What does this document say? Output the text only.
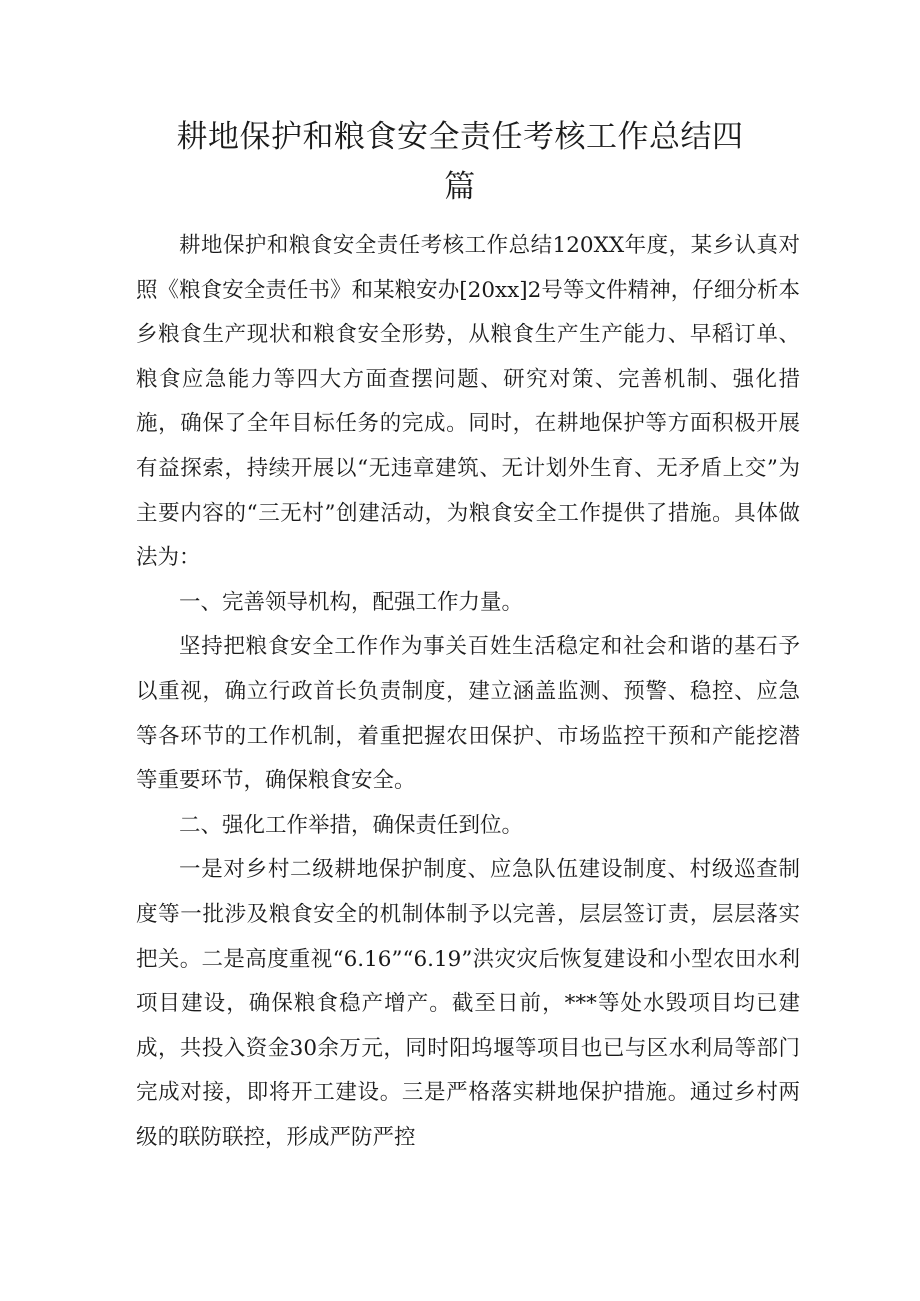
耕地保护和粮食安全责任考核工作总结四
篇

耕地保护和粮食安全责任考核工作总结120XX年度，某乡认真对照《粮食安全责任书》和某粮安办[20xx]2号等文件精神，仔细分析本乡粮食生产现状和粮食安全形势，从粮食生产生产能力、早稻订单、粮食应急能力等四大方面查摆问题、研究对策、完善机制、强化措施，确保了全年目标任务的完成。同时，在耕地保护等方面积极开展有益探索，持续开展以“无违章建筑、无计划外生育、无矛盾上交”为主要内容的“三无村”创建活动，为粮食安全工作提供了措施。具体做法为：

一、完善领导机构，配强工作力量。

坚持把粮食安全工作作为事关百姓生活稳定和社会和谐的基石予以重视，确立行政首长负责制度，建立涵盖监测、预警、稳控、应急等各环节的工作机制，着重把握农田保护、市场监控干预和产能挖潜等重要环节，确保粮食安全。

二、强化工作举措，确保责任到位。

一是对乡村二级耕地保护制度、应急队伍建设制度、村级巡查制度等一批涉及粮食安全的机制体制予以完善，层层签订责，层层落实把关。二是高度重视“6.16”“6.19”洪灾灾后恢复建设和小型农田水利项目建设，确保粮食稳产增产。截至日前，***等处水毁项目均已建成，共投入资金30余万元，同时阳坞堰等项目也已与区水利局等部门完成对接，即将开工建设。三是严格落实耕地保护措施。通过乡村两级的联防联控，形成严防严控
